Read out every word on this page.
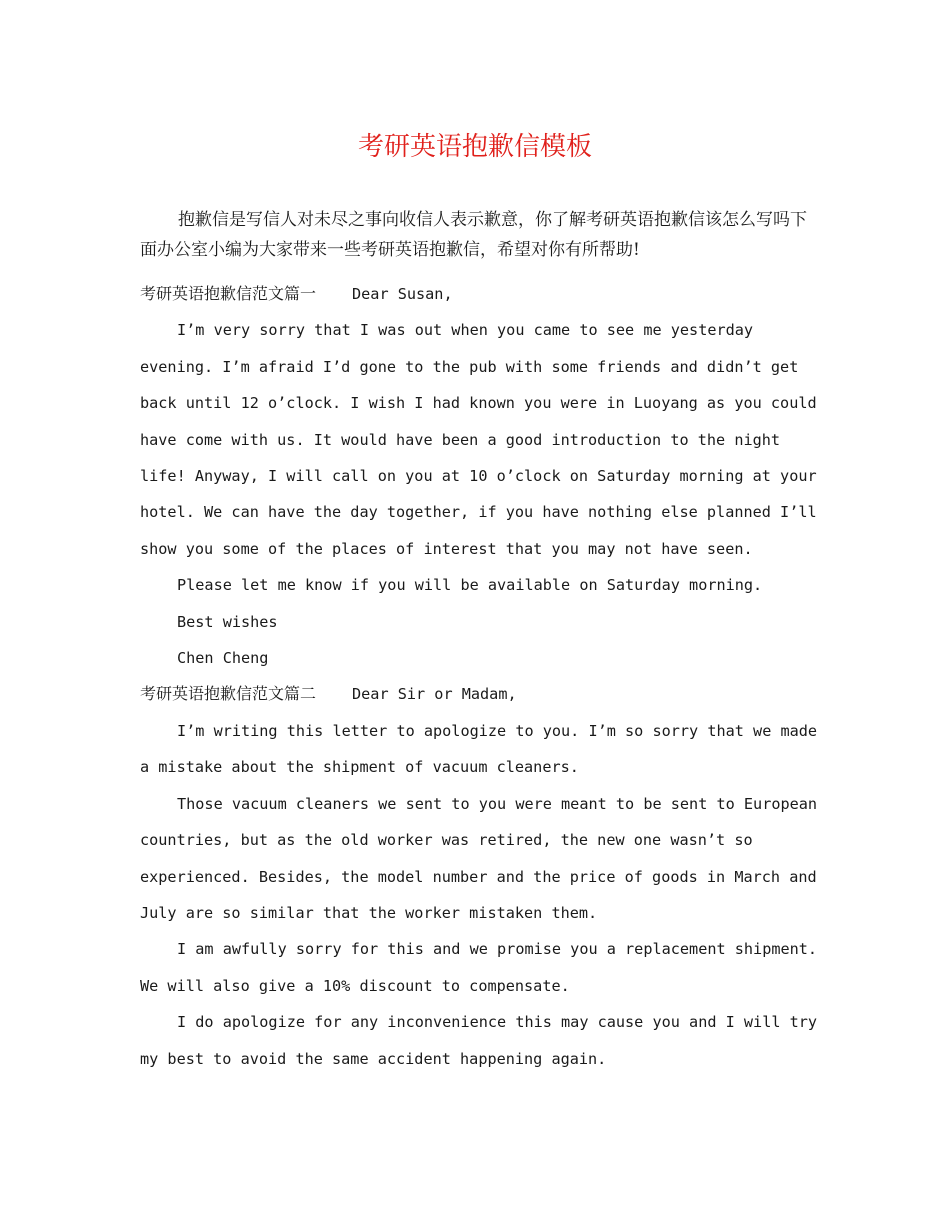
考研英语抱歉信模板

抱歉信是写信人对未尽之事向收信人表示歉意，你了解考研英语抱歉信该怎么写吗下面办公室小编为大家带来一些考研英语抱歉信，希望对你有所帮助!

考研英语抱歉信范文篇一 Dear Susan,

I’m very sorry that I was out when you came to see me yesterday evening. I’m afraid I’d gone to the pub with some friends and didn’t get back until 12 o’clock. I wish I had known you were in Luoyang as you could have come with us. It would have been a good introduction to the night life! Anyway, I will call on you at 10 o’clock on Saturday morning at your hotel. We can have the day together, if you have nothing else planned I’ll show you some of the places of interest that you may not have seen.

Please let me know if you will be available on Saturday morning.

Best wishes

Chen Cheng

考研英语抱歉信范文篇二 Dear Sir or Madam,

I’m writing this letter to apologize to you. I’m so sorry that we made a mistake about the shipment of vacuum cleaners.

Those vacuum cleaners we sent to you were meant to be sent to European countries, but as the old worker was retired, the new one wasn’t so experienced. Besides, the model number and the price of goods in March and July are so similar that the worker mistaken them.

I am awfully sorry for this and we promise you a replacement shipment. We will also give a 10% discount to compensate.

I do apologize for any inconvenience this may cause you and I will try my best to avoid the same accident happening again.
